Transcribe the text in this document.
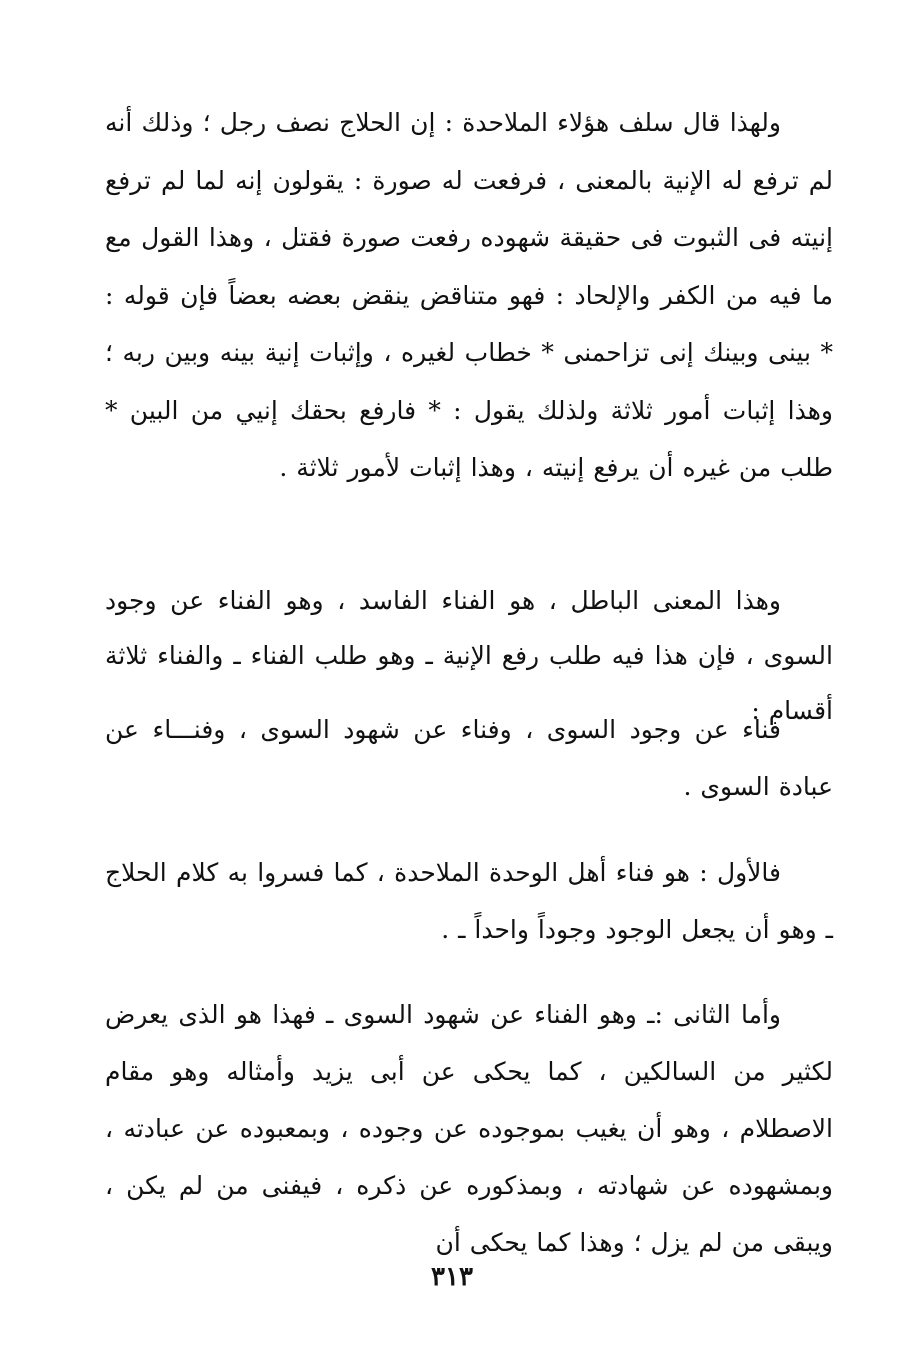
ولهذا قال سلف هؤلاء الملاحدة : إن الحلاج نصف رجل ؛ وذلك أنه لم ترفع له الإنية بالمعنى ، فرفعت له صورة : يقولون إنه لما لم ترفع إنيته فى الثبوت فى حقيقة شهوده رفعت صورة فقتل ، وهذا القول مع ما فيه من الكفر والإلحاد : فهو متناقض ينقض بعضه بعضاً فإن قوله : * بينى وبينك إنى تزاحمنى * خطاب لغيره ، وإثبات إنية بينه وبين ربه ؛ وهذا إثبات أمور ثلاثة ولذلك يقول : * فارفع بحقك إنيي من البين * طلب من غيره أن يرفع إنيته ، وهذا إثبات لأمور ثلاثة .

وهذا المعنى الباطل ، هو الفناء الفاسد ، وهو الفناء عن وجود السوى ، فإن هذا فيه طلب رفع الإنية ـ وهو طلب الفناء ـ والفناء ثلاثة أقسام :

فناء عن وجود السوى ، وفناء عن شهود السوى ، وفنـــاء عن عبادة السوى .

فالأول : هو فناء أهل الوحدة الملاحدة ، كما فسروا به كلام الحلاج ـ وهو أن يجعل الوجود وجوداً واحداً ـ .

وأما الثانى :ـ وهو الفناء عن شهود السوى ـ فهذا هو الذى يعرض لكثير من السالكين ، كما يحكى عن أبى يزيد وأمثاله وهو مقام الاصطلام ، وهو أن يغيب بموجوده عن وجوده ، وبمعبوده عن عبادته ، وبمشهوده عن شهادته ، وبمذكوره عن ذكره ، فيفنى من لم يكن ، ويبقى من لم يزل ؛ وهذا كما يحكى أن

٣١٣
